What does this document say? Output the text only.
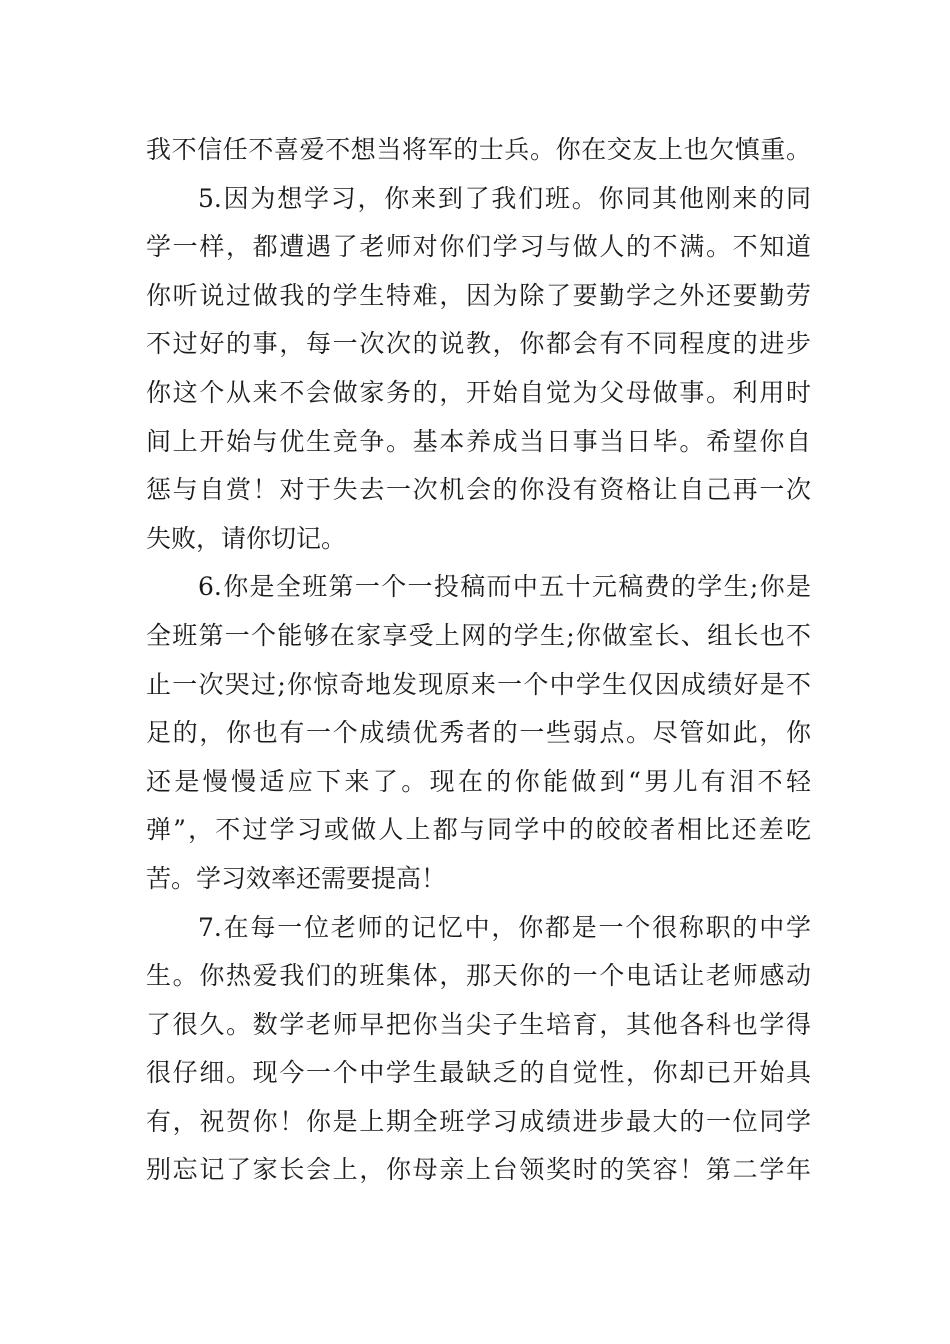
我不信任不喜爱不想当将军的士兵。你在交友上也欠慎重。
5.因为想学习，你来到了我们班。你同其他刚来的同
学一样，都遭遇了老师对你们学习与做人的不满。不知道
你听说过做我的学生特难，因为除了要勤学之外还要勤劳
不过好的事，每一次次的说教，你都会有不同程度的进步
你这个从来不会做家务的，开始自觉为父母做事。利用时
间上开始与优生竞争。基本养成当日事当日毕。希望你自
惩与自赏！对于失去一次机会的你没有资格让自己再一次
失败，请你切记。
6.你是全班第一个一投稿而中五十元稿费的学生;你是
全班第一个能够在家享受上网的学生;你做室长、组长也不
止一次哭过;你惊奇地发现原来一个中学生仅因成绩好是不
足的，你也有一个成绩优秀者的一些弱点。尽管如此，你
还是慢慢适应下来了。现在的你能做到“男儿有泪不轻
弹”，不过学习或做人上都与同学中的皎皎者相比还差吃
苦。学习效率还需要提高！
7.在每一位老师的记忆中，你都是一个很称职的中学
生。你热爱我们的班集体，那天你的一个电话让老师感动
了很久。数学老师早把你当尖子生培育，其他各科也学得
很仔细。现今一个中学生最缺乏的自觉性，你却已开始具
有，祝贺你！你是上期全班学习成绩进步最大的一位同学
别忘记了家长会上，你母亲上台领奖时的笑容！第二学年
